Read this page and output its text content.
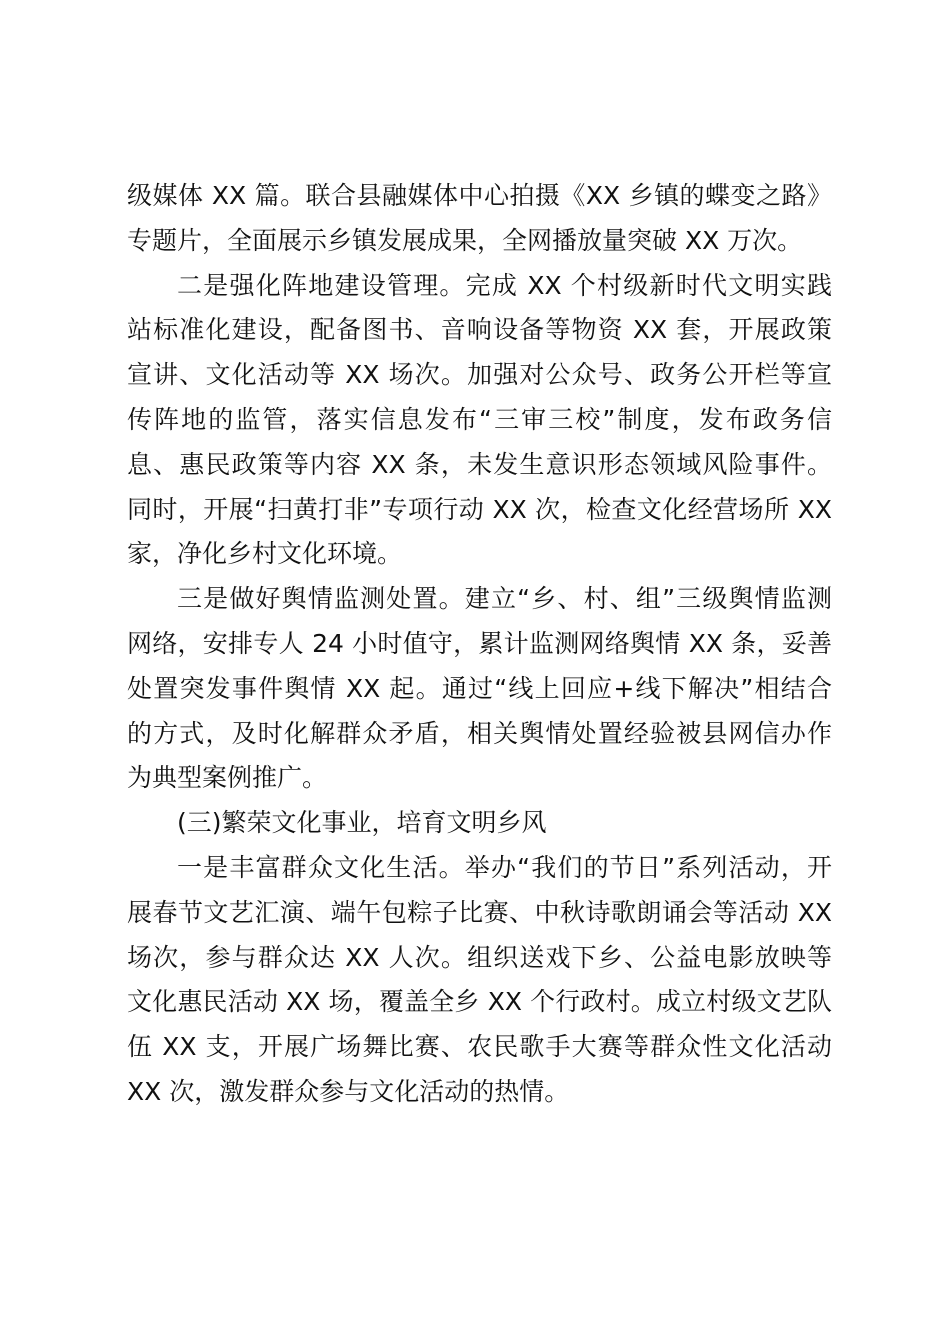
级媒体 XX 篇。联合县融媒体中心拍摄《XX 乡镇的蝶变之路》
专题片，全面展示乡镇发展成果，全网播放量突破 XX 万次。
二是强化阵地建设管理。完成 XX 个村级新时代文明实践
站标准化建设，配备图书、音响设备等物资 XX 套，开展政策
宣讲、文化活动等 XX 场次。加强对公众号、政务公开栏等宣
传阵地的监管，落实信息发布“三审三校”制度，发布政务信
息、惠民政策等内容 XX 条，未发生意识形态领域风险事件。
同时，开展“扫黄打非”专项行动 XX 次，检查文化经营场所 XX
家，净化乡村文化环境。
三是做好舆情监测处置。建立“乡、村、组”三级舆情监测
网络，安排专人 24 小时值守，累计监测网络舆情 XX 条，妥善
处置突发事件舆情 XX 起。通过“线上回应+线下解决”相结合
的方式，及时化解群众矛盾，相关舆情处置经验被县网信办作
为典型案例推广。
(三)繁荣文化事业，培育文明乡风
一是丰富群众文化生活。举办“我们的节日”系列活动，开
展春节文艺汇演、端午包粽子比赛、中秋诗歌朗诵会等活动 XX
场次，参与群众达 XX 人次。组织送戏下乡、公益电影放映等
文化惠民活动 XX 场，覆盖全乡 XX 个行政村。成立村级文艺队
伍 XX 支，开展广场舞比赛、农民歌手大赛等群众性文化活动
XX 次，激发群众参与文化活动的热情。
